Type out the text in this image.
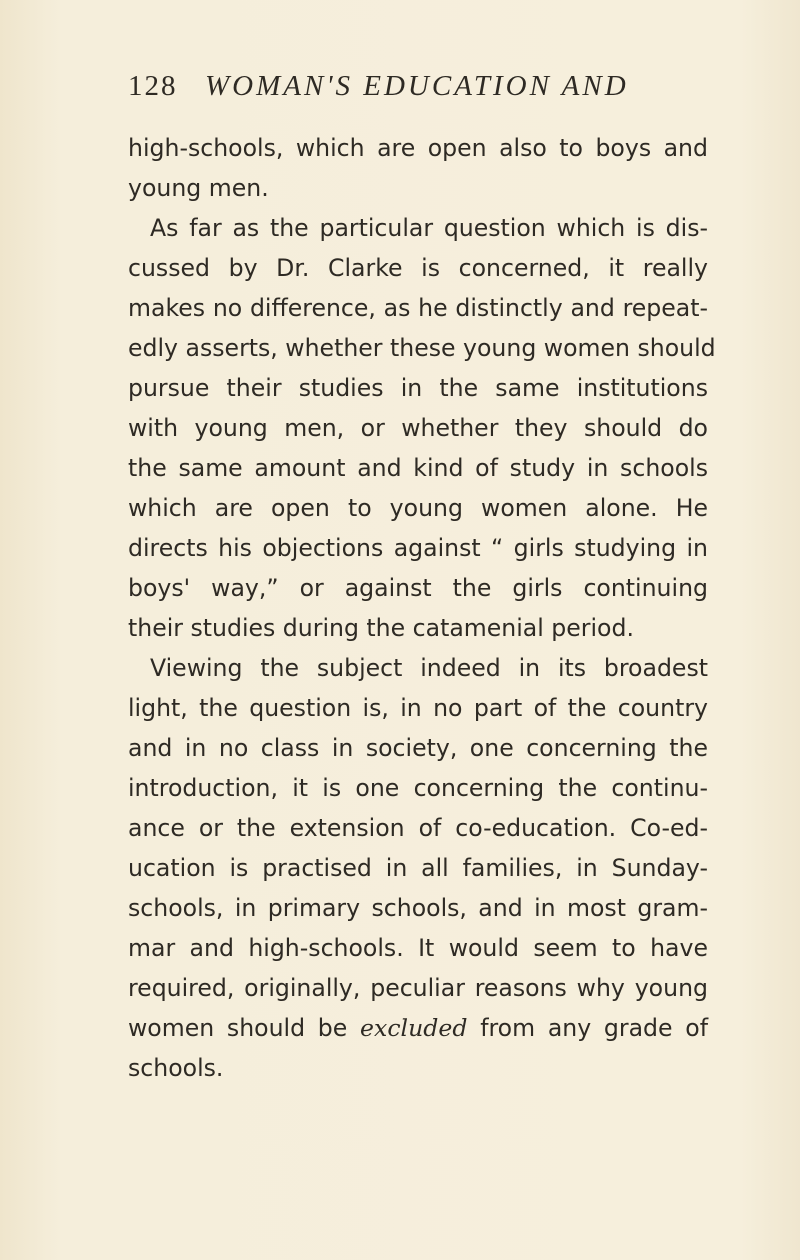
128 WOMAN'S EDUCATION AND
high-schools, which are open also to boys and
young men.
As far as the particular question which is dis-
cussed by Dr. Clarke is concerned, it really
makes no difference, as he distinctly and repeat-
edly asserts, whether these young women should
pursue their studies in the same institutions
with young men, or whether they should do
the same amount and kind of study in schools
which are open to young women alone. He
directs his objections against “ girls studying in
boys' way,” or against the girls continuing
their studies during the catamenial period.
Viewing the subject indeed in its broadest
light, the question is, in no part of the country
and in no class in society, one concerning the
introduction, it is one concerning the continu-
ance or the extension of co-education. Co-ed-
ucation is practised in all families, in Sunday-
schools, in primary schools, and in most gram-
mar and high-schools. It would seem to have
required, originally, peculiar reasons why young
women should be excluded from any grade of
schools.
